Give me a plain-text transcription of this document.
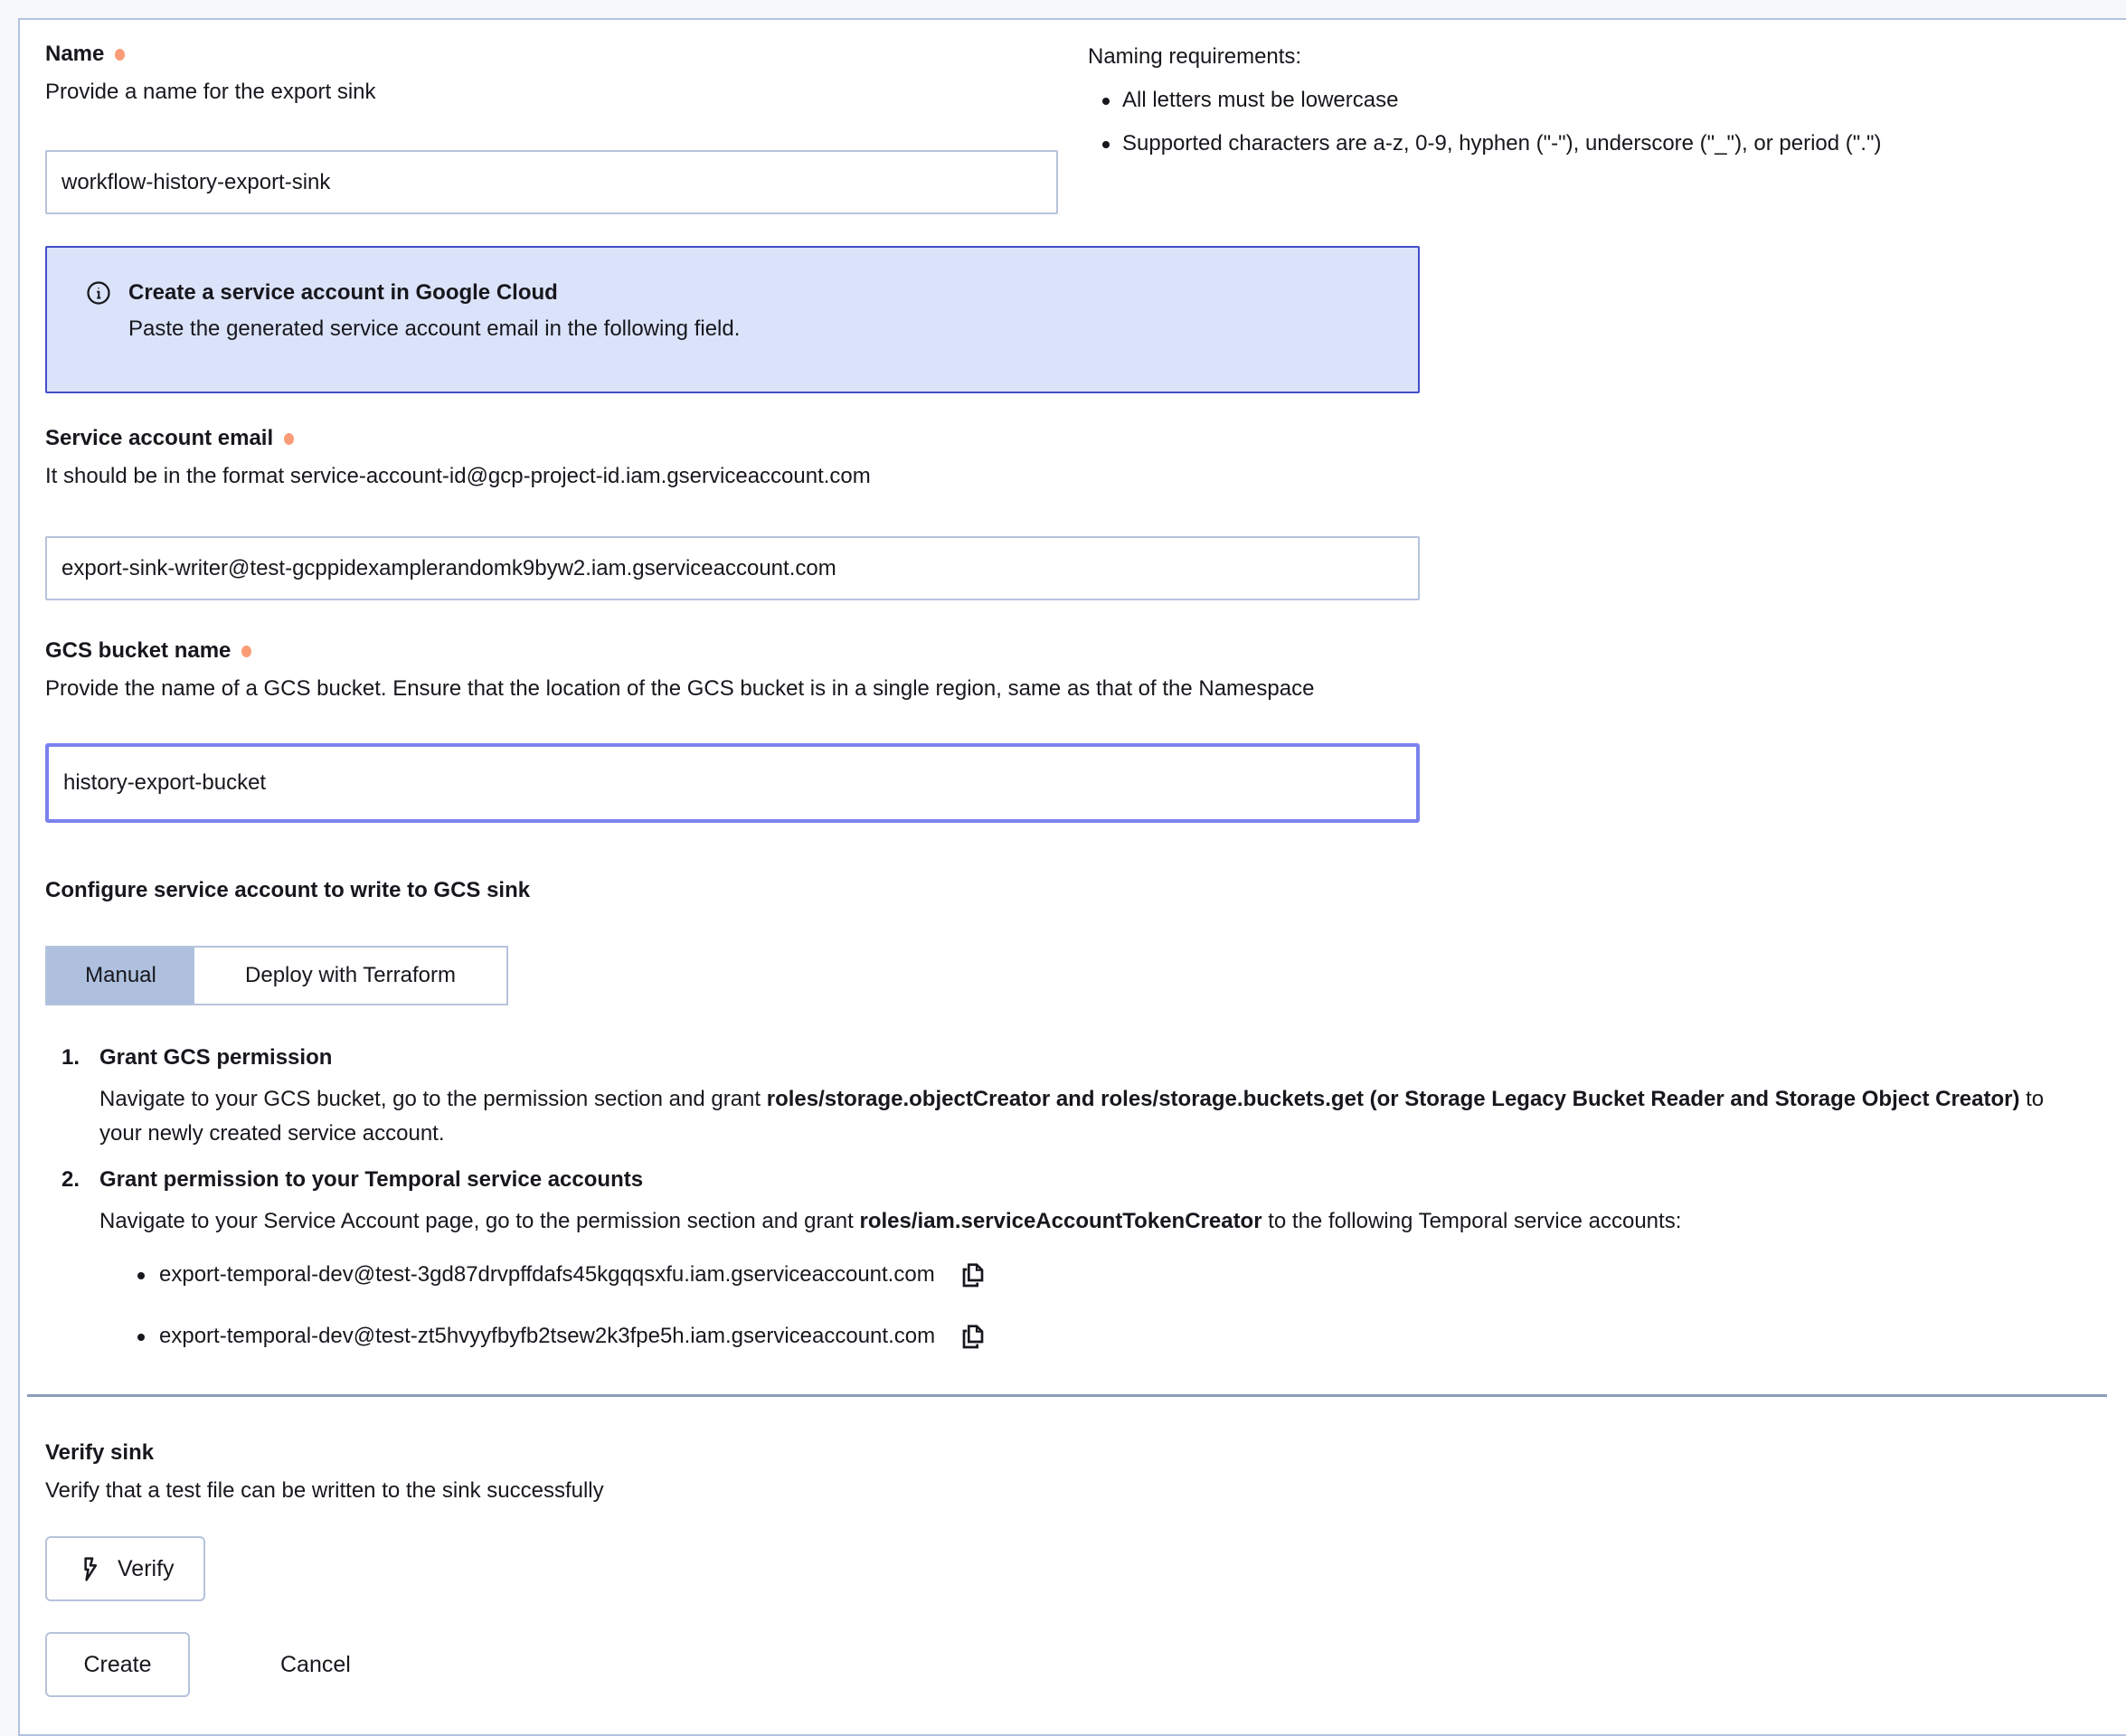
Name
Provide a name for the export sink
workflow-history-export-sink
Naming requirements:
All letters must be lowercase
Supported characters are a-z, 0-9, hyphen ("-"), underscore ("_"), or period (".")
Create a service account in Google Cloud
Paste the generated service account email in the following field.
Service account email
It should be in the format service-account-id@gcp-project-id.iam.gserviceaccount.com
export-sink-writer@test-gcppidexamplerandomk9byw2.iam.gserviceaccount.com
GCS bucket name
Provide the name of a GCS bucket. Ensure that the location of the GCS bucket is in a single region, same as that of the Namespace
history-export-bucket
Configure service account to write to GCS sink
Manual	Deploy with Terraform
1. Grant GCS permission
Navigate to your GCS bucket, go to the permission section and grant roles/storage.objectCreator and roles/storage.buckets.get (or Storage Legacy Bucket Reader and Storage Object Creator) to your newly created service account.
2. Grant permission to your Temporal service accounts
Navigate to your Service Account page, go to the permission section and grant roles/iam.serviceAccountTokenCreator to the following Temporal service accounts:
export-temporal-dev@test-3gd87drvpffdafs45kgqqsxfu.iam.gserviceaccount.com
export-temporal-dev@test-zt5hvyyfbyfb2tsew2k3fpe5h.iam.gserviceaccount.com
Verify sink
Verify that a test file can be written to the sink successfully
Verify
Create	Cancel
